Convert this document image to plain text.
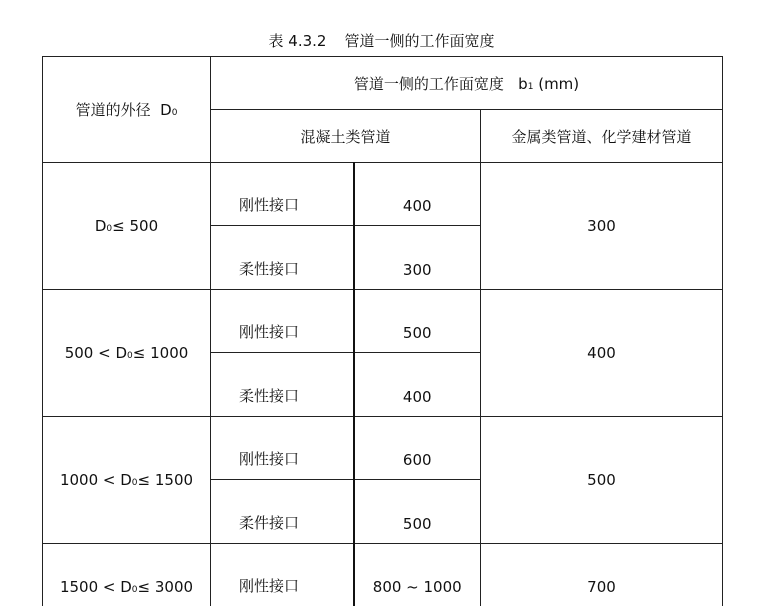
表 4.3.2 管道一侧的工作面宽度
管道的外径 D0	管道一侧的工作面宽度 b1 (mm)		
	混凝土类管道		金属类管道、化学建材管道
D0≤ 500	刚性接口	400	300
	柔性接口	300	
500 < D0≤ 1000	刚性接口	500	400
	柔性接口	400	
1000 < D0≤ 1500	刚性接口	600	500
	柔件接口	500	
1500 < D0≤ 3000	刚性接口	800 ~ 1000	700
